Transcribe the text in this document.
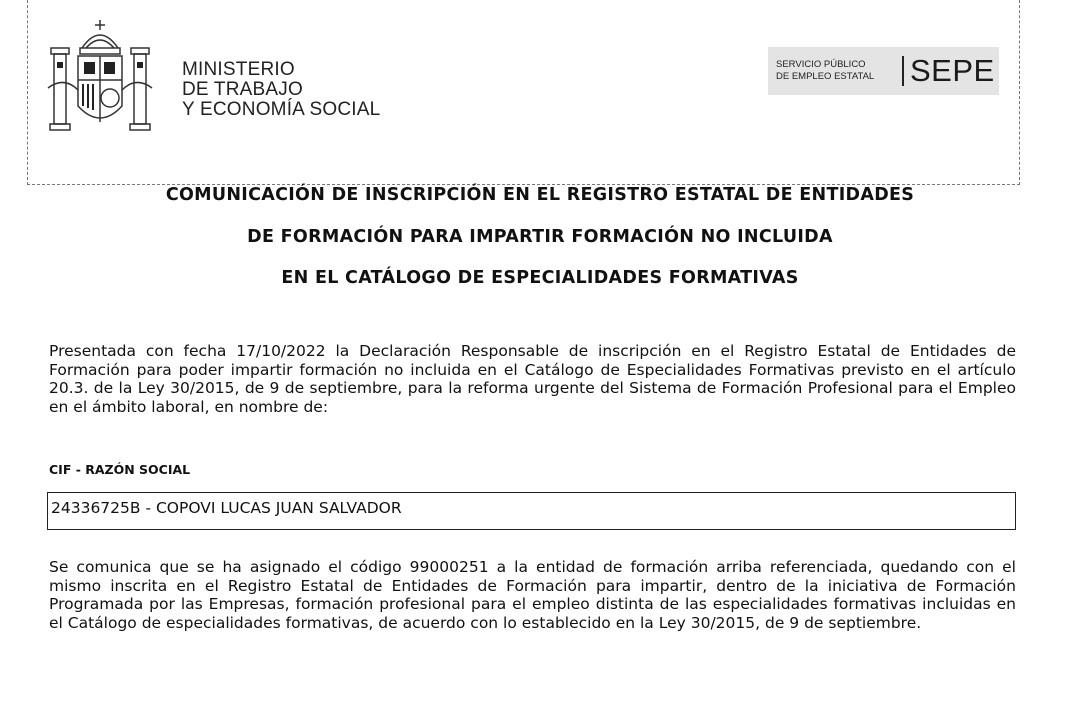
MINISTERIO
DE TRABAJO
Y ECONOMÍA SOCIAL
SERVICIO PÚBLICO
DE EMPLEO ESTATAL	SEPE
COMUNICACIÓN DE INSCRIPCIÓN EN EL REGISTRO ESTATAL DE ENTIDADES
DE FORMACIÓN PARA IMPARTIR FORMACIÓN NO INCLUIDA
EN EL CATÁLOGO DE ESPECIALIDADES FORMATIVAS
Presentada con fecha 17/10/2022 la Declaración Responsable de inscripción en el Registro Estatal de Entidades de Formación para poder impartir formación no incluida en el Catálogo de Especialidades Formativas previsto en el artículo 20.3. de la Ley 30/2015, de 9 de septiembre, para la reforma urgente del Sistema de Formación Profesional para el Empleo en el ámbito laboral, en nombre de:
CIF - RAZÓN SOCIAL
24336725B - COPOVI LUCAS JUAN SALVADOR
Se comunica que se ha asignado el código 99000251 a la entidad de formación arriba referenciada, quedando con el mismo inscrita en el Registro Estatal de Entidades de Formación para impartir, dentro de la iniciativa de Formación Programada por las Empresas, formación profesional para el empleo distinta de las especialidades formativas incluidas en el Catálogo de especialidades formativas, de acuerdo con lo establecido en la Ley 30/2015, de 9 de septiembre.
